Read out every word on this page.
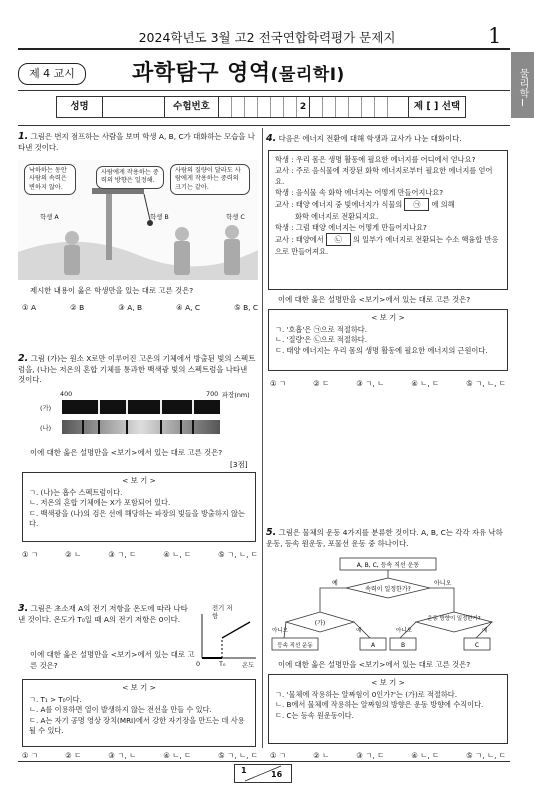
2024학년도 3월 고2 전국연합학력평가 문제지	1
물리학Ⅰ
제 4 교시	과학탐구 영역(물리학Ⅰ)
성명	수험번호	2	제 [ ] 선택
1. 그림은 번지 점프하는 사람을 보며 학생 A, B, C가 대화하는 모습을 나타낸 것이다.
낙하하는 동안 사람의 속력은 변하지 않아.
사람에게 작용하는 중력의 방향은 일정해.
사람의 질량이 달라도 사람에게 작용하는 중력의 크기는 같아.
학생 A	학생 B	학생 C
제시한 내용이 옳은 학생만을 있는 대로 고른 것은?
① A	② B	③ A, B	④ A, C	⑤ B, C
2. 그림 (가)는 원소 X로만 이루어진 고온의 기체에서 방출된 빛의 스펙트럼을, (나)는 저온의 혼합 기체를 통과한 백색광 빛의 스펙트럼을 나타낸 것이다.
400	700 파장(nm)
(가)
(나)
이에 대한 옳은 설명만을 <보기>에서 있는 대로 고른 것은?
[3점]
< 보 기 >
ㄱ. (나)는 흡수 스펙트럼이다.
ㄴ. 저온의 혼합 기체에는 X가 포함되어 있다.
ㄷ. 백색광을 (나)의 검은 선에 해당하는 파장의 빛들을 방출하지 않는다.
① ㄱ	② ㄴ	③ ㄱ, ㄷ	④ ㄴ, ㄷ	⑤ ㄱ, ㄴ, ㄷ
3. 그림은 초소재 A의 전기 저항을 온도에 따라 나타낸 것이다. 온도가 T₀일 때 A의 전기 저항은 0이다.
전기 저항
0	T₀	온도
이에 대한 옳은 설명만을 <보기>에서 있는 대로 고른 것은?
< 보 기 >
ㄱ. T₁ > T₀이다.
ㄴ. A를 이용하면 열이 발생하지 않는 전선을 만들 수 있다.
ㄷ. A는 자기 공명 영상 장치(MRI)에서 강한 자기장을 만드는 데 사용될 수 있다.
① ㄱ	② ㄷ	③ ㄱ, ㄴ	④ ㄴ, ㄷ	⑤ ㄱ, ㄴ, ㄷ
4. 다음은 에너지 전환에 대해 학생과 교사가 나눈 대화이다.
학생 : 우리 몸은 생명 활동에 필요한 에너지를 어디에서 얻나요?
교사 : 주로 음식물에 저장된 화학 에너지로부터 필요한 에너지를 얻어요.
학생 : 음식물 속 화학 에너지는 어떻게 만들어지나요?
교사 : 태양 에너지 중 빛에너지가 식물의 ㉠ 에 의해
화학 에너지로 전환되지요.
학생 : 그럼 태양 에너지는 어떻게 만들어지나요?
교사 : 태양에서 ㉡ 의 일부가 에너지로 전환되는 수소 핵융합 반응으로 만들어져요.
이에 대한 옳은 설명만을 <보기>에서 있는 대로 고른 것은?
< 보 기 >
ㄱ. '호흡'은 ㉠으로 적절하다.
ㄴ. '질량'은 ㉡으로 적절하다.
ㄷ. 태양 에너지는 우리 몸의 생명 활동에 필요한 에너지의 근원이다.
① ㄱ	② ㄷ	③ ㄱ, ㄴ	④ ㄴ, ㄷ	⑤ ㄱ, ㄴ, ㄷ
5. 그림은 물체의 운동 4가지를 분류한 것이다. A, B, C는 각각 자유 낙하 운동, 등속 원운동, 포물선 운동 중 하나이다.
A, B, C, 등속 직선 운동
속력이 일정한가?
예	아니오
(가)
운동 방향이 일정한가?
아니오	예	아니오	예
등속 직선 운동	A	B	C
이에 대한 옳은 설명만을 <보기>에서 있는 대로 고른 것은?
< 보 기 >
ㄱ. '물체에 작용하는 알짜힘이 0인가?'는 (가)로 적절하다.
ㄴ. B에서 물체에 작용하는 알짜힘의 방향은 운동 방향에 수직이다.
ㄷ. C는 등속 원운동이다.
① ㄱ	② ㄴ	③ ㄱ, ㄷ	④ ㄴ, ㄷ	⑤ ㄱ, ㄴ, ㄷ
1	16
